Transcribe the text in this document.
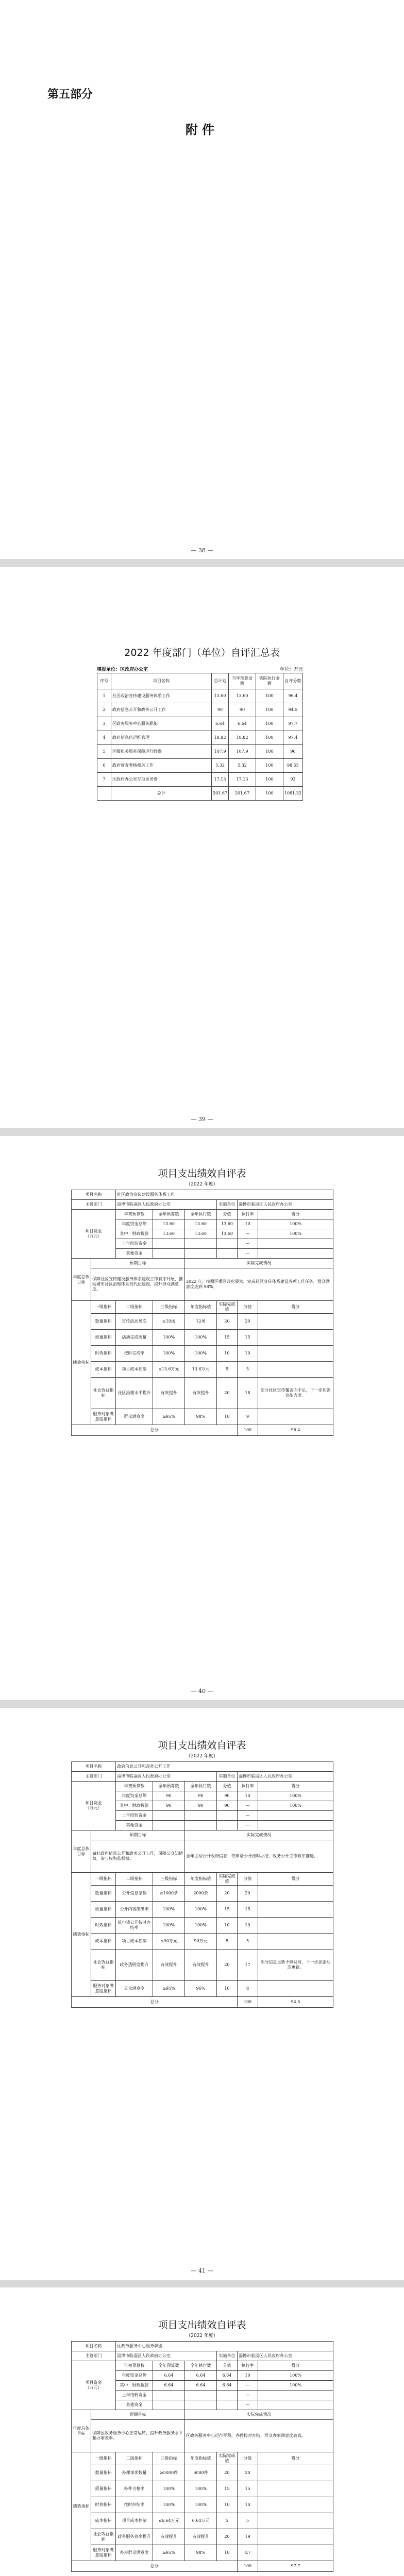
第五部分
附件
— 38 —
2022 年度部门（单位）自评汇总表
填报单位：区政府办公室	单位：万元
序号	项目名称	总计划	当年预算金额	实际执行金额	自评分数
1	社区政治宣传建设服务体系工作	13.60	13.60	100	96.4
2	政府信息公开和政务公开工作	90	90	100	94.5
3	区政务服务中心服务职能	6.64	6.64	100	97.7
4	政府信息化运维管理	18.82	18.82	100	97.4
5	区级机关服务保障运行经费	107.9	107.9	100	96
6	政府督查考核相关工作	5.32	5.32	100	98.55
7	区政府办公室专项业务费	17.13	17.13	100	93
	总计	201.67	201.67	100	1081.32
— 39 —
项目支出绩效自评表
（2022 年度）
项目名称		社区政治宣传建设服务体系工作					
主管部门		淄博市临淄区人民政府办公室			实施单位	淄博市临淄区人民政府办公室	
项目资金
（万元）		年初预算数	全年预算数	全年执行数	分值	执行率	得分
		年度资金总额	13.60	13.60	13.60	10	100%
		其中：财政拨款	13.60	13.60	13.60	—	100%
		上年结转资金				—	
		其他资金				—	
年度总体目标	预期目标			实际完成情况			
	保障社区宣传建设服务体系建设工作有序开展，推动城市社区治理体系现代化建设，提升群众满意度。			2022 年，按照区委区政府要求，完成社区宣传体系建设各项工作任务，群众满意度达到 98%。			
绩效指标	一级指标	二级指标	三级指标	年度指标值	实际完成值	分值	得分
	数量指标	宣传活动场次	≥10场	12场	20	20	
	质量指标	活动完成质量	100%	100%	15	15	
	时效指标	按时完成率	100%	100%	10	10	
	成本指标	项目成本控制	≤13.6万元	13.6万元	5	5	
	社会效益指标	社区治理水平提升	有效提升	有效提升	20	18	部分社区宣传覆盖面不足，下一步加强宣传力度。
	服务对象满意度指标	群众满意度	≥95%	98%	10	9	
总分						100	96.4
— 40 —
项目支出绩效自评表
（2022 年度）
项目名称		政府信息公开和政务公开工作					
主管部门		淄博市临淄区人民政府办公室			实施单位	淄博市临淄区人民政府办公室	
项目资金
（万元）		年初预算数	全年预算数	全年执行数	分值	执行率	得分
		年度资金总额	90	90	90	10	100%
		其中：财政拨款	90	90	90	—	100%
		上年结转资金				—	
		其他资金				—	
年度总体目标	预期目标			实际完成情况			
	做好政府信息公开和政务公开工作，保障公众知情权、参与权和监督权。			全年主动公开政府信息，依申请公开按时办结，政务公开工作有序推进。			
绩效指标	一级指标	二级指标	三级指标	年度指标值	实际完成值	分值	得分
	数量指标	公开信息条数	≥1000条	2000条	20	20	
	质量指标	公开内容准确率	100%	100%	15	15	
	时效指标	依申请公开按时办结率	100%	100%	10	10	
	成本指标	项目成本控制	≤90万元	90万元	5	5	
	社会效益指标	政务透明度提升	有效提升	有效提升	20	17	部分信息更新不够及时，下一步加强动态更新。
	服务对象满意度指标	公众满意度	≥95%	96%	10	8	
总分						100	94.5
— 41 —
项目支出绩效自评表
（2022 年度）
项目名称		区政务服务中心服务职能					
主管部门		淄博市临淄区人民政府办公室			实施单位	淄博市临淄区人民政府办公室	
项目资金
（万元）		年初预算数	全年预算数	全年执行数	分值	执行率	得分
		年度资金总额	6.64	6.64	6.64	10	100%
		其中：财政拨款	6.64	6.64	6.64	—	100%
		上年结转资金				—	
		其他资金				—	
年度总体目标	预期目标			实际完成情况			
	保障区政务服务中心正常运转，提升政务服务水平和办事效率。			区政务服务中心运行平稳，办件按时办结，群众办事满意度较高。			
绩效指标	一级指标	二级指标	三级指标	年度指标值	实际完成值	分值	得分
	数量指标	办理事项数量	≥5000件	6000件	20	20	
	质量指标	办件合格率	100%	100%	15	15	
	时效指标	按时办结率	100%	100%	10	10	
	成本指标	项目成本控制	≤6.64万元	6.64万元	5	5	
	社会效益指标	政务服务效率提升	有效提升	有效提升	20	19	
	服务对象满意度指标	办事群众满意度	≥95%	98%	10	8.7	
总分						100	97.7
